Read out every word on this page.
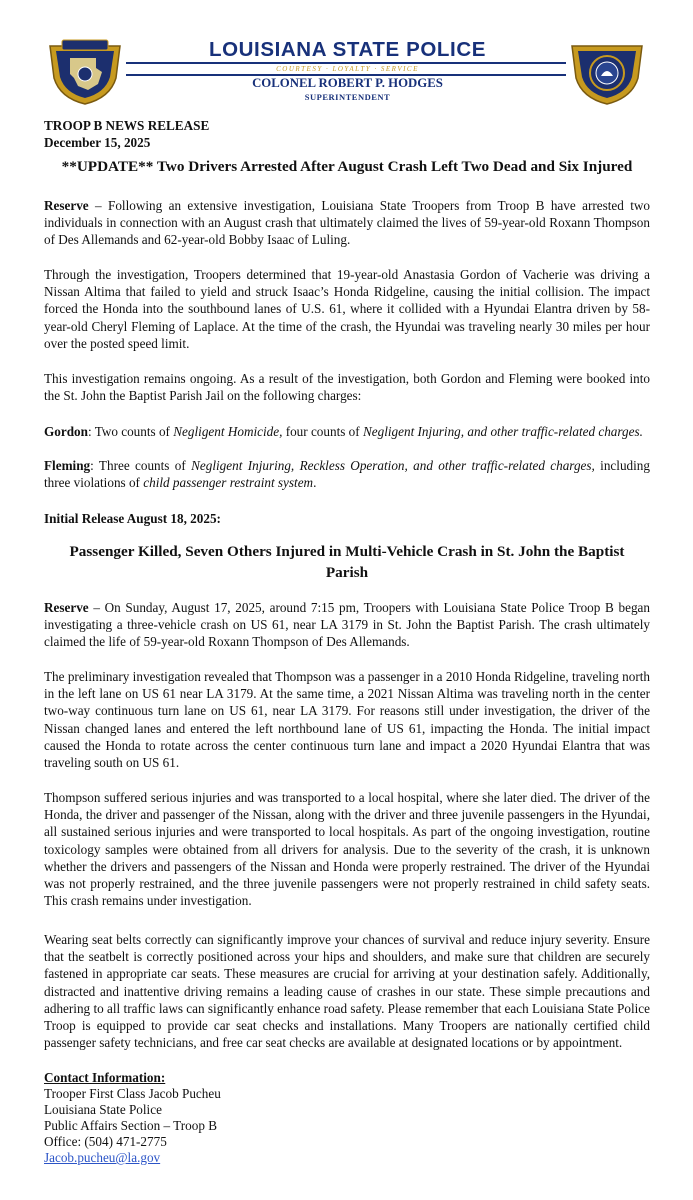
LOUISIANA STATE POLICE
COURTESY · LOYALTY · SERVICE
COLONEL ROBERT P. HODGES
SUPERINTENDENT
TROOP B NEWS RELEASE
December 15, 2025
**UPDATE** Two Drivers Arrested After August Crash Left Two Dead and Six Injured

Reserve – Following an extensive investigation, Louisiana State Troopers from Troop B have arrested two individuals in connection with an August crash that ultimately claimed the lives of 59-year-old Roxann Thompson of Des Allemands and 62-year-old Bobby Isaac of Luling.

Through the investigation, Troopers determined that 19-year-old Anastasia Gordon of Vacherie was driving a Nissan Altima that failed to yield and struck Isaac’s Honda Ridgeline, causing the initial collision. The impact forced the Honda into the southbound lanes of U.S. 61, where it collided with a Hyundai Elantra driven by 58-year-old Cheryl Fleming of Laplace. At the time of the crash, the Hyundai was traveling nearly 30 miles per hour over the posted speed limit.

This investigation remains ongoing. As a result of the investigation, both Gordon and Fleming were booked into the St. John the Baptist Parish Jail on the following charges:

Gordon: Two counts of Negligent Homicide, four counts of Negligent Injuring, and other traffic-related charges.

Fleming: Three counts of Negligent Injuring, Reckless Operation, and other traffic-related charges, including three violations of child passenger restraint system.

Initial Release August 18, 2025:
Passenger Killed, Seven Others Injured in Multi-Vehicle Crash in St. John the Baptist
Parish

Reserve – On Sunday, August 17, 2025, around 7:15 pm, Troopers with Louisiana State Police Troop B began investigating a three-vehicle crash on US 61, near LA 3179 in St. John the Baptist Parish. The crash ultimately claimed the life of 59-year-old Roxann Thompson of Des Allemands.

The preliminary investigation revealed that Thompson was a passenger in a 2010 Honda Ridgeline, traveling north in the left lane on US 61 near LA 3179. At the same time, a 2021 Nissan Altima was traveling north in the center two-way continuous turn lane on US 61, near LA 3179. For reasons still under investigation, the driver of the Nissan changed lanes and entered the left northbound lane of US 61, impacting the Honda. The initial impact caused the Honda to rotate across the center continuous turn lane and impact a 2020 Hyundai Elantra that was traveling south on US 61.

Thompson suffered serious injuries and was transported to a local hospital, where she later died. The driver of the Honda, the driver and passenger of the Nissan, along with the driver and three juvenile passengers in the Hyundai, all sustained serious injuries and were transported to local hospitals. As part of the ongoing investigation, routine toxicology samples were obtained from all drivers for analysis. Due to the severity of the crash, it is unknown whether the drivers and passengers of the Nissan and Honda were properly restrained. The driver of the Hyundai was not properly restrained, and the three juvenile passengers were not properly restrained in child safety seats. This crash remains under investigation.

Wearing seat belts correctly can significantly improve your chances of survival and reduce injury severity. Ensure that the seatbelt is correctly positioned across your hips and shoulders, and make sure that children are securely fastened in appropriate car seats. These measures are crucial for arriving at your destination safely. Additionally, distracted and inattentive driving remains a leading cause of crashes in our state. These simple precautions and adhering to all traffic laws can significantly enhance road safety. Please remember that each Louisiana State Police Troop is equipped to provide car seat checks and installations. Many Troopers are nationally certified child passenger safety technicians, and free car seat checks are available at designated locations or by appointment.

Contact Information:
Trooper First Class Jacob Pucheu
Louisiana State Police
Public Affairs Section – Troop B
Office: (504) 471-2775
Jacob.pucheu@la.gov
